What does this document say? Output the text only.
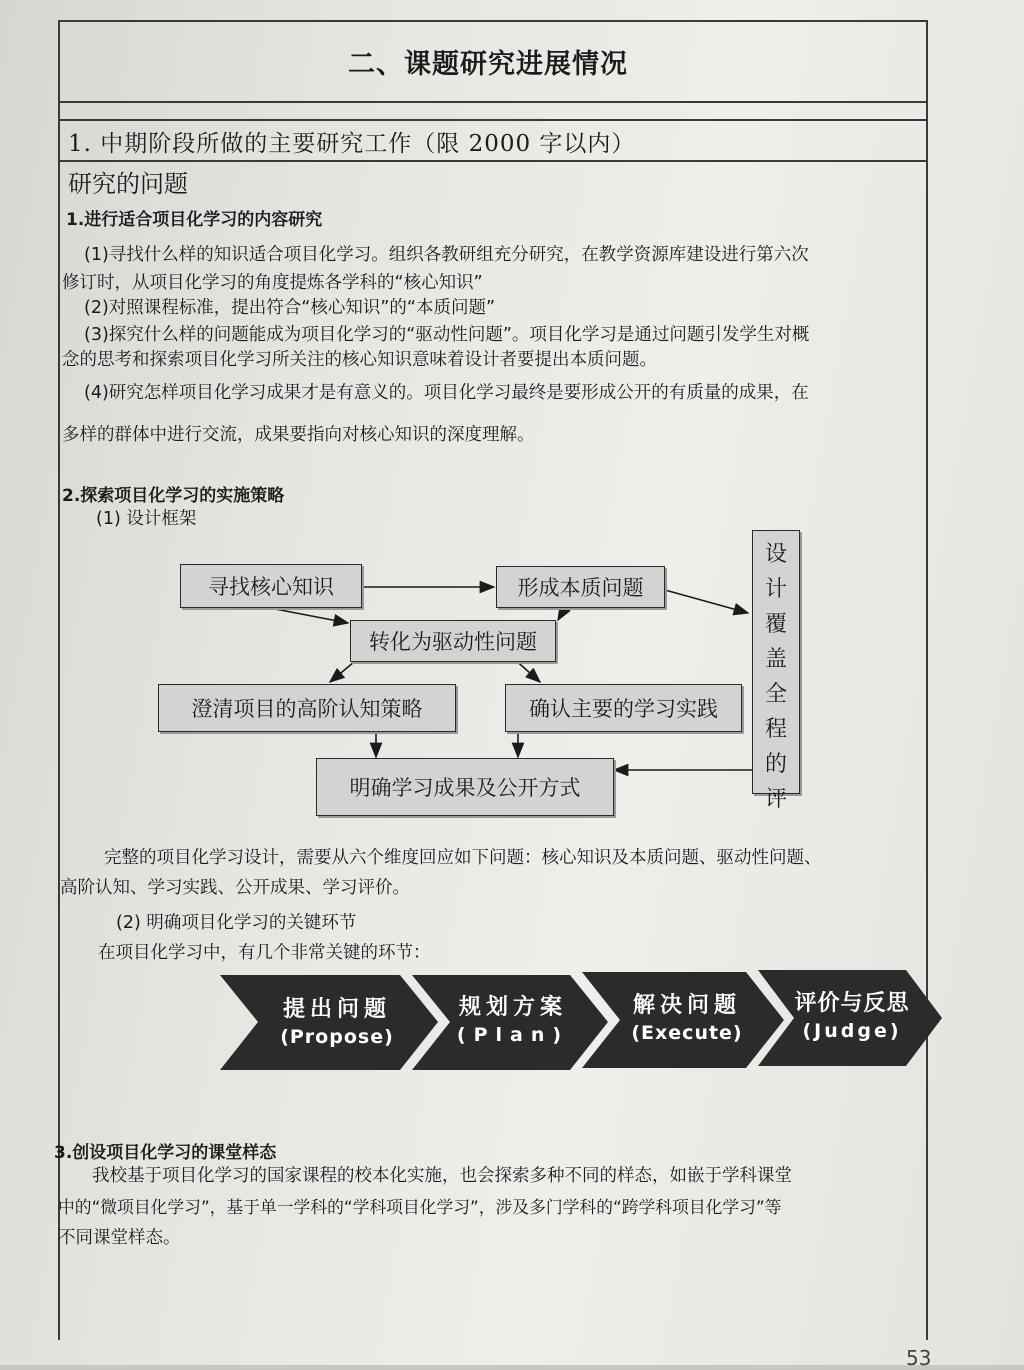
二、课题研究进展情况
1. 中期阶段所做的主要研究工作（限 2000 字以内）
研究的问题
1.进行适合项目化学习的内容研究
(1)寻找什么样的知识适合项目化学习。组织各教研组充分研究，在教学资源库建设进行第六次
修订时，从项目化学习的角度提炼各学科的“核心知识”
(2)对照课程标准，提出符合“核心知识”的“本质问题”
(3)探究什么样的问题能成为项目化学习的“驱动性问题”。项目化学习是通过问题引发学生对概
念的思考和探索项目化学习所关注的核心知识意味着设计者要提出本质问题。
(4)研究怎样项目化学习成果才是有意义的。项目化学习最终是要形成公开的有质量的成果，在
多样的群体中进行交流，成果要指向对核心知识的深度理解。
2.探索项目化学习的实施策略
(1) 设计框架
寻找核心知识	形成本质问题
转化为驱动性问题
澄清项目的高阶认知策略	确认主要的学习实践
明确学习成果及公开方式
设
计
覆
盖
全
程
的
评
完整的项目化学习设计，需要从六个维度回应如下问题：核心知识及本质问题、驱动性问题、
高阶认知、学习实践、公开成果、学习评价。
(2) 明确项目化学习的关键环节
在项目化学习中，有几个非常关键的环节：
提出问题
(Propose)
规划方案
(Plan)
解决问题
(Execute)
评价与反思
(Judge)
3.创设项目化学习的课堂样态
我校基于项目化学习的国家课程的校本化实施，也会探索多种不同的样态，如嵌于学科课堂
中的“微项目化学习”，基于单一学科的“学科项目化学习”，涉及多门学科的“跨学科项目化学习”等
不同课堂样态。
53
